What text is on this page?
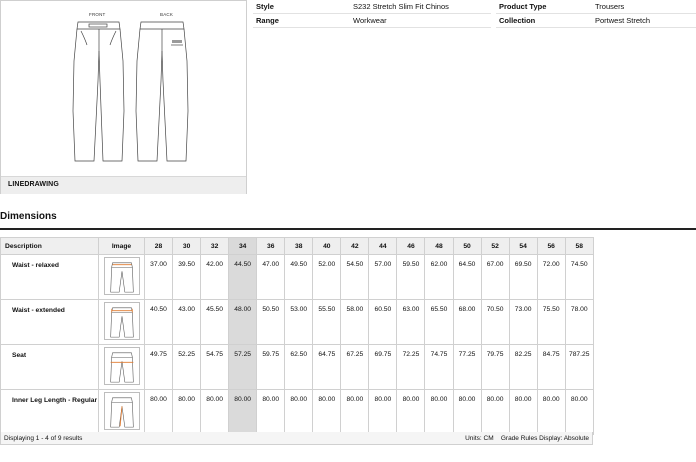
FRONT	BACK
LINEDRAWING
Style	S232 Stretch Slim Fit Chinos	Product Type	Trousers
Range	Workwear	Collection	Portwest Stretch
Dimensions
Description	Image	28	30	32	34	36	38	40	42	44	46	48	50	52	54	56	58
Waist - relaxed		37.00	39.50	42.00	44.50	47.00	49.50	52.00	54.50	57.00	59.50	62.00	64.50	67.00	69.50	72.00	74.50
Waist - extended		40.50	43.00	45.50	48.00	50.50	53.00	55.50	58.00	60.50	63.00	65.50	68.00	70.50	73.00	75.50	78.00
Seat		49.75	52.25	54.75	57.25	59.75	62.50	64.75	67.25	69.75	72.25	74.75	77.25	79.75	82.25	84.75	787.25
Inner Leg Length - Regular		80.00	80.00	80.00	80.00	80.00	80.00	80.00	80.00	80.00	80.00	80.00	80.00	80.00	80.00	80.00	80.00
Displaying 1 - 4 of 9 results	Units: CM Grade Rules Display: Absolute
